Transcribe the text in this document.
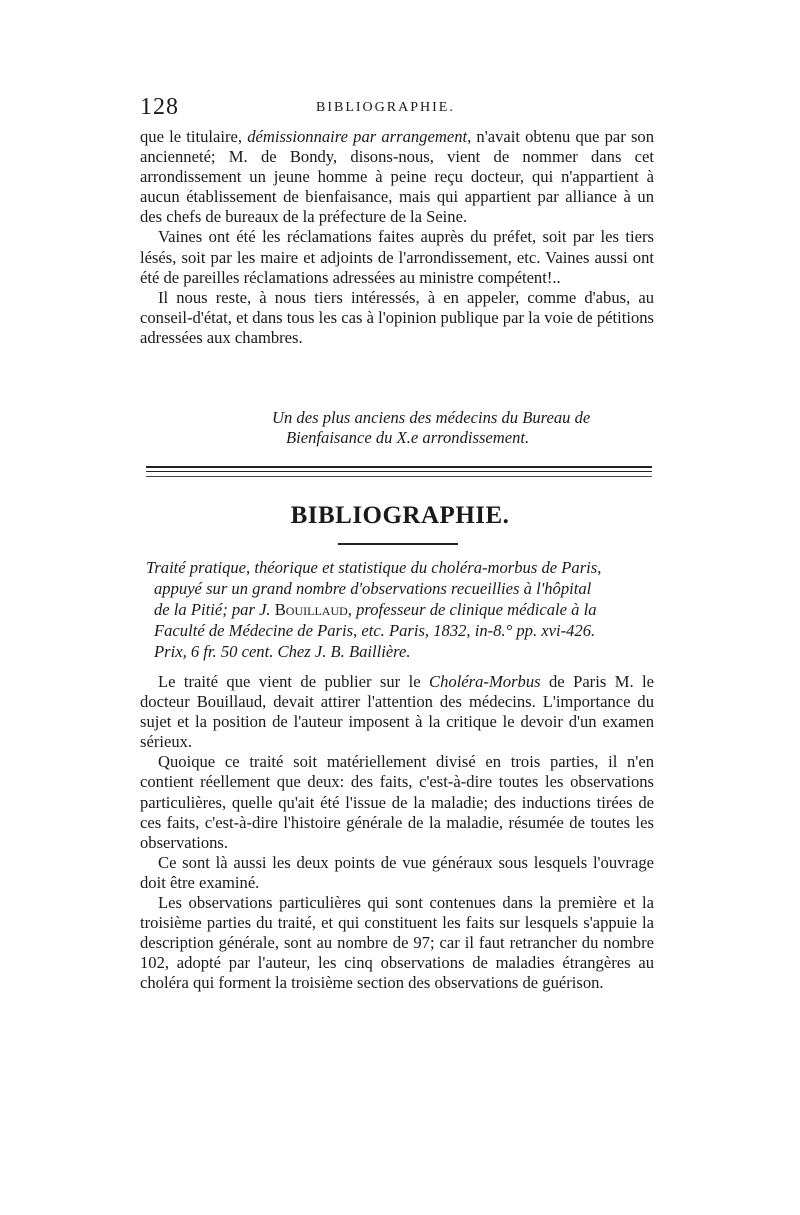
128	BIBLIOGRAPHIE.

que le titulaire, démissionnaire par arrangement, n'avait obtenu que par son ancienneté; M. de Bondy, disons-nous, vient de nommer dans cet arrondissement un jeune homme à peine reçu docteur, qui n'appartient à aucun établissement de bienfaisance, mais qui appartient par alliance à un des chefs de bureaux de la préfecture de la Seine.

Vaines ont été les réclamations faites auprès du préfet, soit par les tiers lésés, soit par les maire et adjoints de l'arrondissement, etc. Vaines aussi ont été de pareilles réclamations adressées au ministre compétent!..

Il nous reste, à nous tiers intéressés, à en appeler, comme d'abus, au conseil-d'état, et dans tous les cas à l'opinion publique par la voie de pétitions adressées aux chambres.

Un des plus anciens des médecins du Bureau de
Bienfaisance du X.e arrondissement.
BIBLIOGRAPHIE.
Traité pratique, théorique et statistique du choléra-morbus de Paris,
appuyé sur un grand nombre d'observations recueillies à l'hôpital
de la Pitié; par J. Bouillaud, professeur de clinique médicale à la
Faculté de Médecine de Paris, etc. Paris, 1832, in-8.° pp. xvi-426.
Prix, 6 fr. 50 cent. Chez J. B. Baillière.

Le traité que vient de publier sur le Choléra-Morbus de Paris M. le docteur Bouillaud, devait attirer l'attention des médecins. L'importance du sujet et la position de l'auteur imposent à la critique le devoir d'un examen sérieux.

Quoique ce traité soit matériellement divisé en trois parties, il n'en contient réellement que deux: des faits, c'est-à-dire toutes les observations particulières, quelle qu'ait été l'issue de la maladie; des inductions tirées de ces faits, c'est-à-dire l'histoire générale de la maladie, résumée de toutes les observations.

Ce sont là aussi les deux points de vue généraux sous lesquels l'ouvrage doit être examiné.

Les observations particulières qui sont contenues dans la première et la troisième parties du traité, et qui constituent les faits sur lesquels s'appuie la description générale, sont au nombre de 97; car il faut retrancher du nombre 102, adopté par l'auteur, les cinq observations de maladies étrangères au choléra qui forment la troisième section des observations de guérison.
